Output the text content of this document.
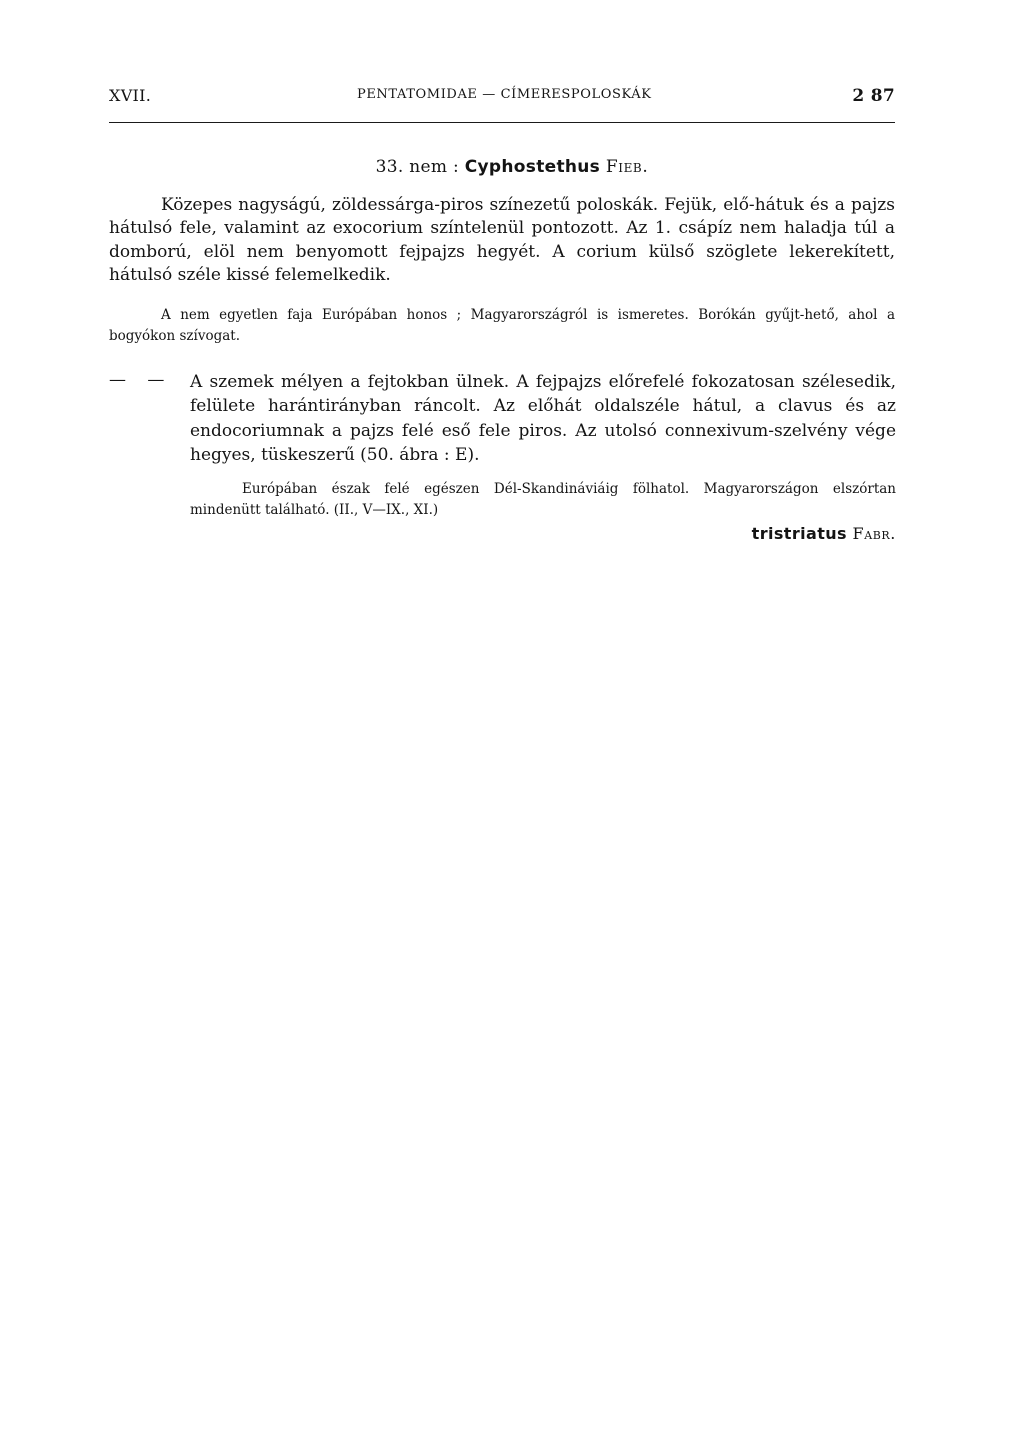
XVII.	PENTATOMIDAE — CÍMERESPOLOSKÁK	2 87
33. nem : Cyphostethus Fieb.

Közepes nagyságú, zöldessárga-piros színezetű poloskák. Fejük, elő-hátuk és a pajzs hátulsó fele, valamint az exocorium színtelenül pontozott. Az 1. csápíz nem haladja túl a domború, elöl nem benyomott fejpajzs hegyét. A corium külső szöglete lekerekített, hátulsó széle kissé felemelkedik.

A nem egyetlen faja Európában honos ; Magyarországról is ismeretes. Borókán gyűjt-hető, ahol a bogyókon szívogat.

— — A szemek mélyen a fejtokban ülnek. A fejpajzs előrefelé fokozatosan szélesedik, felülete harántirányban ráncolt. Az előhát oldalszéle hátul, a clavus és az endocoriumnak a pajzs felé eső fele piros. Az utolsó connexivum-szelvény vége hegyes, tüskeszerű (50. ábra : E).

Európában észak felé egészen Dél-Skandináviáig fölhatol. Magyarországon elszórtan mindenütt található. (II., V—IX., XI.)

tristriatus Fabr.
